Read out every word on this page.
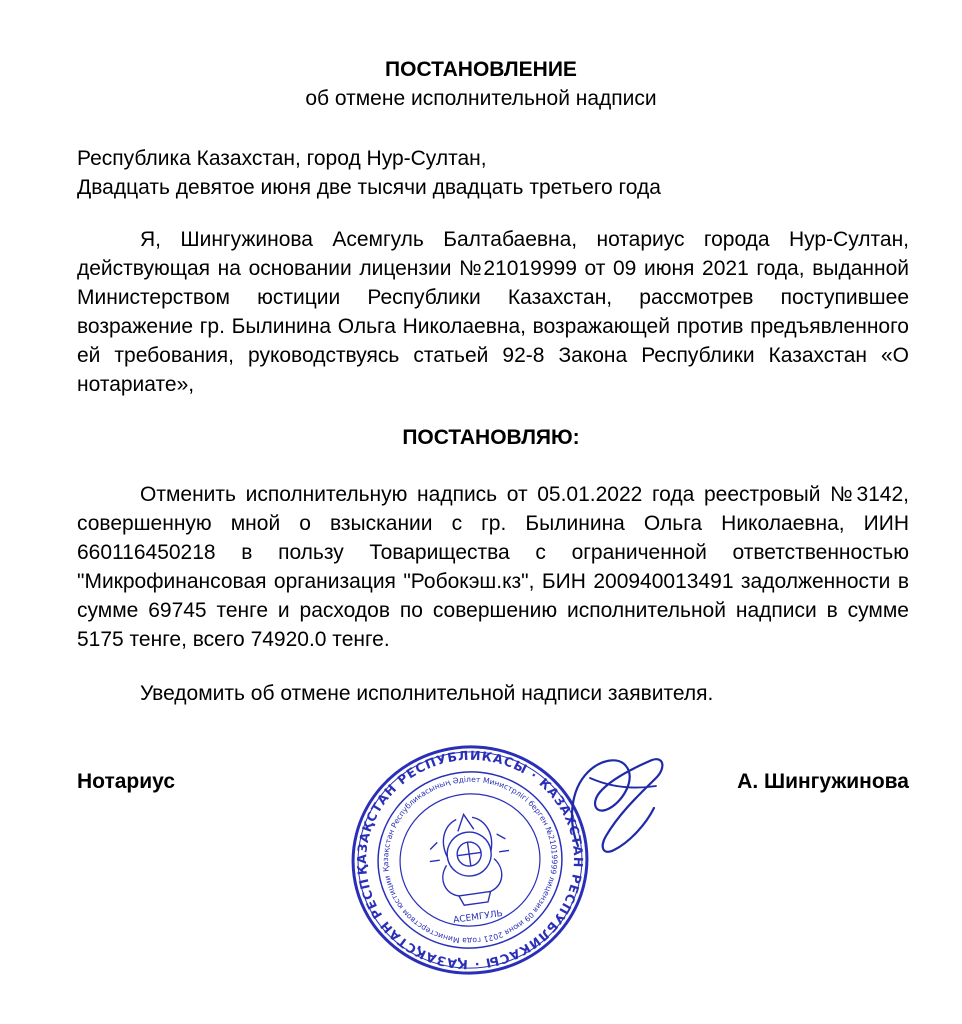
ПОСТАНОВЛЕНИЕ
об отмене исполнительной надписи
Республика Казахстан, город Нур-Султан,
Двадцать девятое июня две тысячи двадцать третьего года
Я, Шингужинова Асемгуль Балтабаевна, нотариус города Нур-Султан, действующая на основании лицензии №21019999 от 09 июня 2021 года, выданной Министерством юстиции Республики Казахстан, рассмотрев поступившее возражение гр. Былинина Ольга Николаевна, возражающей против предъявленного ей требования, руководствуясь статьей 92-8 Закона Республики Казахстан «О нотариате»,
ПОСТАНОВЛЯЮ:
Отменить исполнительную надпись от 05.01.2022 года реестровый №3142, совершенную мной о взыскании с гр. Былинина Ольга Николаевна, ИИН 660116450218 в пользу Товарищества с ограниченной ответственностью "Микрофинансовая организация "Робокэш.кз", БИН 200940013491 задолженности в сумме 69745 тенге и расходов по совершению исполнительной надписи в сумме 5175 тенге, всего 74920.0 тенге.
Уведомить об отмене исполнительной надписи заявителя.
Нотариус	А. Шингужинова
ҚАЗАҚСТАН РЕСПУБЛИКАСЫ · КАЗАХСТАН РЕСПУБЛИКАСЫ · ҚАЗАҚСТАН РЕСПУБЛИКАСЫ
Қазақстан Республикасының Әділет Министрлігі берген №21019999 лицензия 09 июня 2021 года Министерством юстиции
АСЕМГУЛЬ
